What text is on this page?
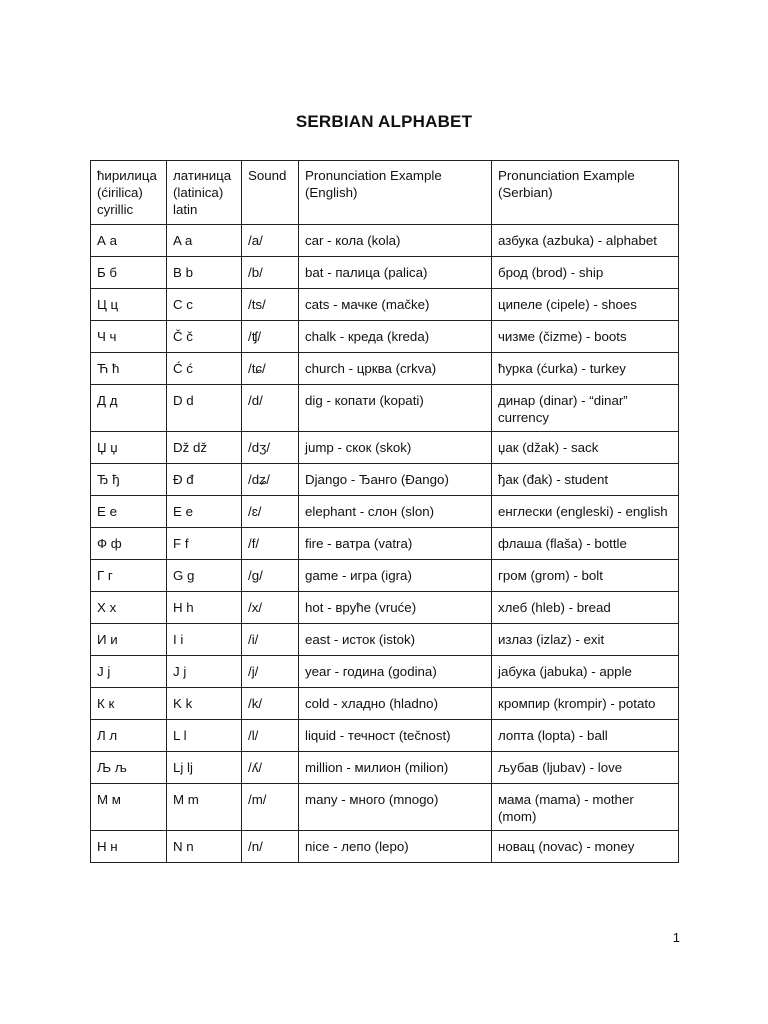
SERBIAN ALPHABET
ћирилица (ćirilica) cyrillic	латиница (latinica) latin	Sound	Pronunciation Example (English)	Pronunciation Example (Serbian)
А а	A a	/a/	car - кола (kola)	азбука (azbuka) - alphabet
Б б	B b	/b/	bat - палица (palica)	брод (brod) - ship
Ц ц	C c	/ts/	cats - мачке (mačke)	ципеле (cipele) - shoes
Ч ч	Č č	/ʧ/	chalk - креда (kreda)	чизме (čizme) - boots
Ћ ћ	Ć ć	/tɕ/	church - црква (crkva)	ћурка (ćurka) - turkey
Д д	D d	/d/	dig - копати (kopati)	динар (dinar) - “dinar” currency
Џ џ	Dž dž	/dʒ/	jump - скок (skok)	џак (džak) - sack
Ђ ђ	Đ đ	/dʑ/	Django - Ђанго (Đango)	ђак (đak) - student
Е е	E e	/ɛ/	elephant - слон (slon)	енглески (engleski) - english
Ф ф	F f	/f/	fire - ватра (vatra)	флаша (flaša) - bottle
Г г	G g	/g/	game - игра (igra)	гром (grom) - bolt
Х х	H h	/x/	hot - вруће (vruće)	хлеб (hleb) - bread
И и	I i	/i/	east - исток (istok)	излаз (izlaz) - exit
Ј ј	J j	/j/	year - година (godina)	јабука (jabuka) - apple
К к	K k	/k/	cold - хладно (hladno)	кромпир (krompir) - potato
Л л	L l	/l/	liquid - течност (tečnost)	лопта (lopta) - ball
Љ љ	Lj lj	/ʎ/	million - милион (milion)	љубав (ljubav) - love
М м	M m	/m/	many - много (mnogo)	мама (mama) - mother (mom)
Н н	N n	/n/	nice - лепо (lepo)	новац (novac) - money
1
